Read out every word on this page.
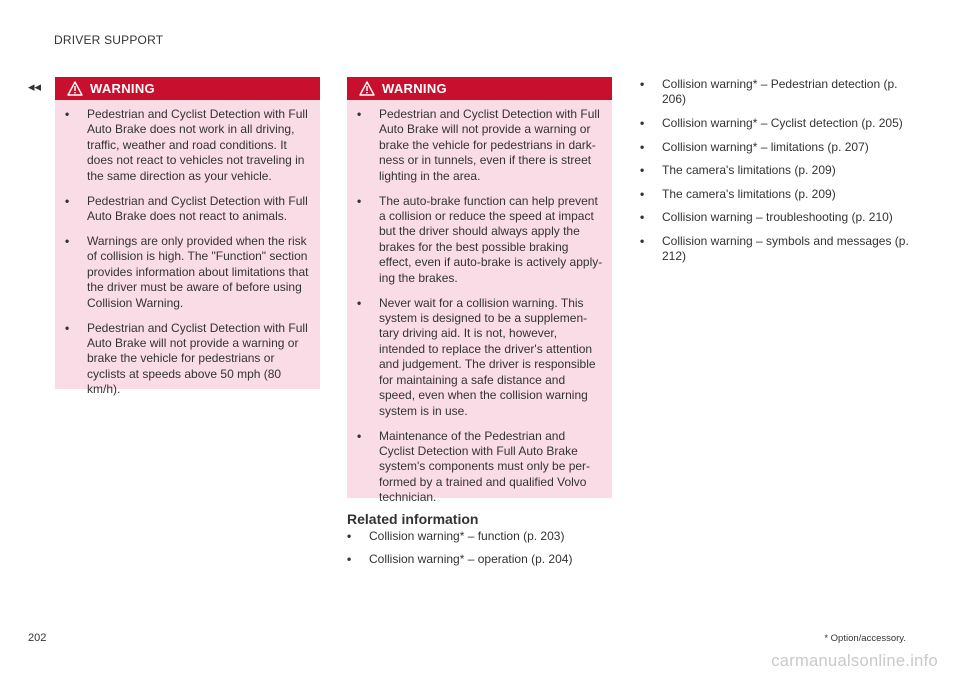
DRIVER SUPPORT
◂◂	WARNING
•	Pedestrian and Cyclist Detection with Full Auto Brake does not work in all driving, traffic, weather and road conditions. It does not react to vehicles not traveling in the same direction as your vehicle.
•	Pedestrian and Cyclist Detection with Full Auto Brake does not react to animals.
•	Warnings are only provided when the risk of collision is high. The "Function" section provides information about limitations that the driver must be aware of before using Collision Warning.
•	Pedestrian and Cyclist Detection with Full Auto Brake will not provide a warning or brake the vehicle for pedestrians or cyclists at speeds above 50 mph (80 km/h).
WARNING
•	Pedestrian and Cyclist Detection with Full Auto Brake will not provide a warning or brake the vehicle for pedestrians in dark-ness or in tunnels, even if there is street lighting in the area.
•	The auto-brake function can help prevent a collision or reduce the speed at impact but the driver should always apply the brakes for the best possible braking effect, even if auto-brake is actively apply-ing the brakes.
•	Never wait for a collision warning. This system is designed to be a supplemen-tary driving aid. It is not, however, intended to replace the driver's attention and judgement. The driver is responsible for maintaining a safe distance and speed, even when the collision warning system is in use.
•	Maintenance of the Pedestrian and Cyclist Detection with Full Auto Brake system's components must only be per-formed by a trained and qualified Volvo technician.
Related information
•	Collision warning* – function (p. 203)
•	Collision warning* – operation (p. 204)
•	Collision warning* – Pedestrian detection (p. 206)
•	Collision warning* – Cyclist detection (p. 205)
•	Collision warning* – limitations (p. 207)
•	The camera's limitations (p. 209)
•	The camera's limitations (p. 209)
•	Collision warning – troubleshooting (p. 210)
•	Collision warning – symbols and messages (p. 212)
202	* Option/accessory.
carmanualsonline.info
